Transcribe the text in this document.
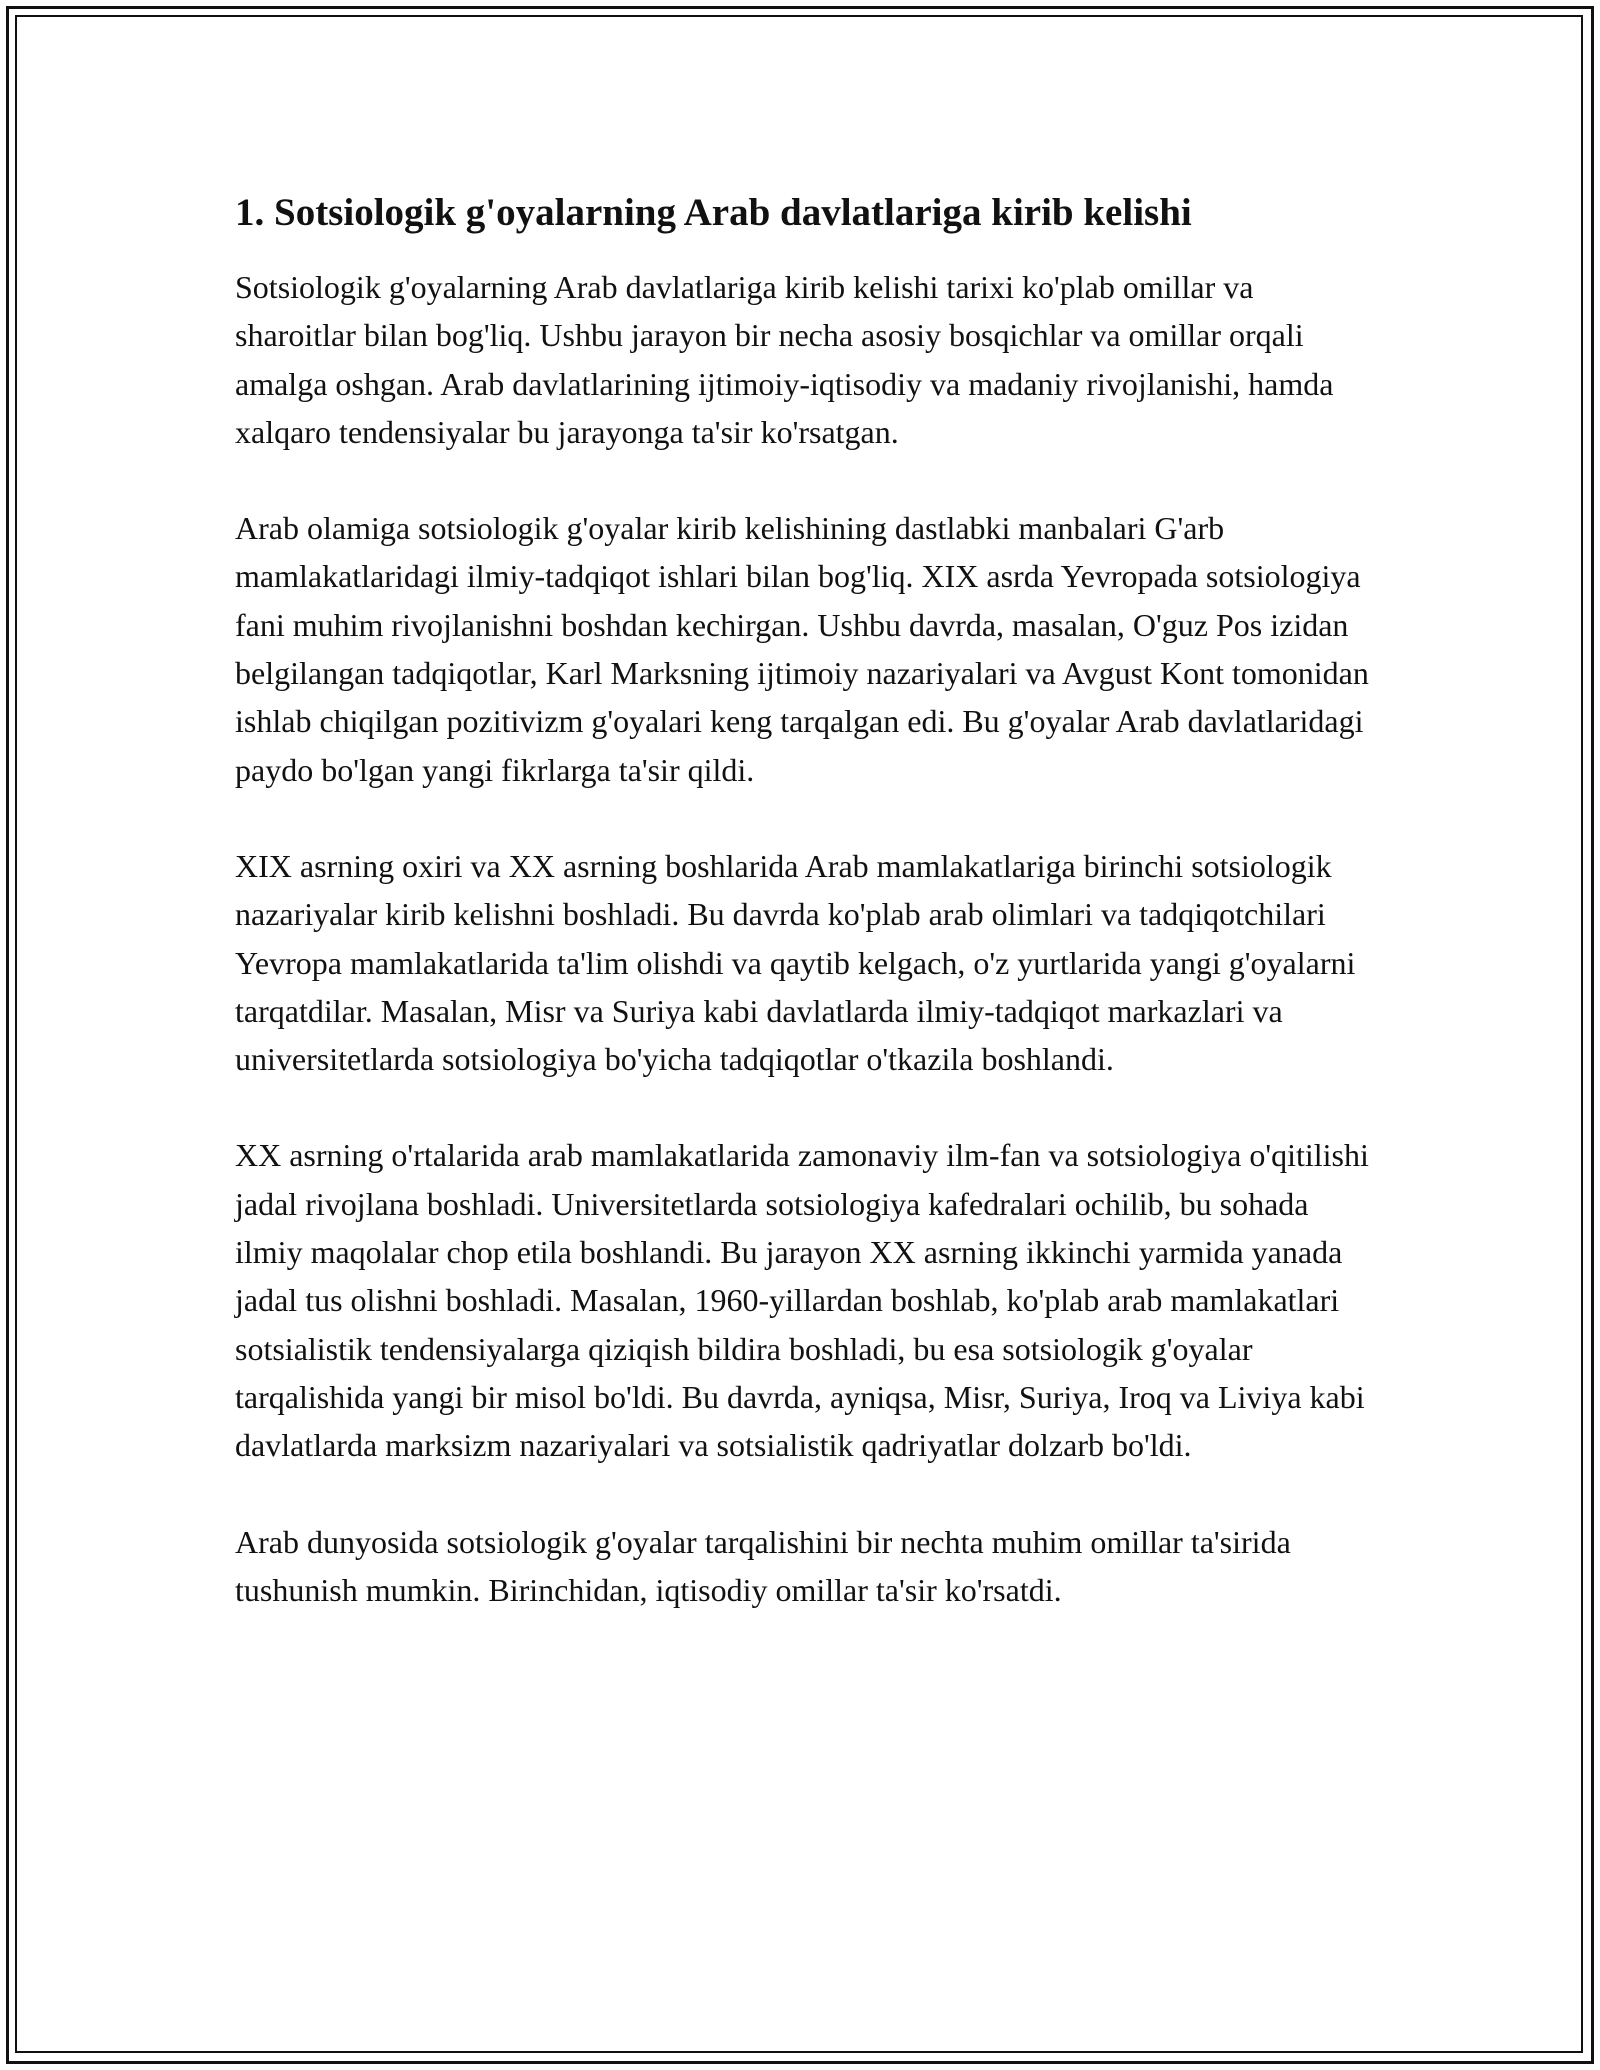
1. Sotsiologik g'oyalarning Arab davlatlariga kirib kelishi

Sotsiologik g'oyalarning Arab davlatlariga kirib kelishi tarixi ko'plab omillar va sharoitlar bilan bog'liq. Ushbu jarayon bir necha asosiy bosqichlar va omillar orqali amalga oshgan. Arab davlatlarining ijtimoiy-iqtisodiy va madaniy rivojlanishi, hamda xalqaro tendensiyalar bu jarayonga ta'sir ko'rsatgan.

Arab olamiga sotsiologik g'oyalar kirib kelishining dastlabki manbalari G'arb mamlakatlaridagi ilmiy-tadqiqot ishlari bilan bog'liq. XIX asrda Yevropada sotsiologiya fani muhim rivojlanishni boshdan kechirgan. Ushbu davrda, masalan, O'guz Pos izidan belgilangan tadqiqotlar, Karl Marksning ijtimoiy nazariyalari va Avgust Kont tomonidan ishlab chiqilgan pozitivizm g'oyalari keng tarqalgan edi. Bu g'oyalar Arab davlatlaridagi paydo bo'lgan yangi fikrlarga ta'sir qildi.

XIX asrning oxiri va XX asrning boshlarida Arab mamlakatlariga birinchi sotsiologik nazariyalar kirib kelishni boshladi. Bu davrda ko'plab arab olimlari va tadqiqotchilari Yevropa mamlakatlarida ta'lim olishdi va qaytib kelgach, o'z yurtlarida yangi g'oyalarni tarqatdilar. Masalan, Misr va Suriya kabi davlatlarda ilmiy-tadqiqot markazlari va universitetlarda sotsiologiya bo'yicha tadqiqotlar o'tkazila boshlandi.

XX asrning o'rtalarida arab mamlakatlarida zamonaviy ilm-fan va sotsiologiya o'qitilishi jadal rivojlana boshladi. Universitetlarda sotsiologiya kafedralari ochilib, bu sohada ilmiy maqolalar chop etila boshlandi. Bu jarayon XX asrning ikkinchi yarmida yanada jadal tus olishni boshladi. Masalan, 1960-yillardan boshlab, ko'plab arab mamlakatlari sotsialistik tendensiyalarga qiziqish bildira boshladi, bu esa sotsiologik g'oyalar tarqalishida yangi bir misol bo'ldi. Bu davrda, ayniqsa, Misr, Suriya, Iroq va Liviya kabi davlatlarda marksizm nazariyalari va sotsialistik qadriyatlar dolzarb bo'ldi.

Arab dunyosida sotsiologik g'oyalar tarqalishini bir nechta muhim omillar ta'sirida tushunish mumkin. Birinchidan, iqtisodiy omillar ta'sir ko'rsatdi.
